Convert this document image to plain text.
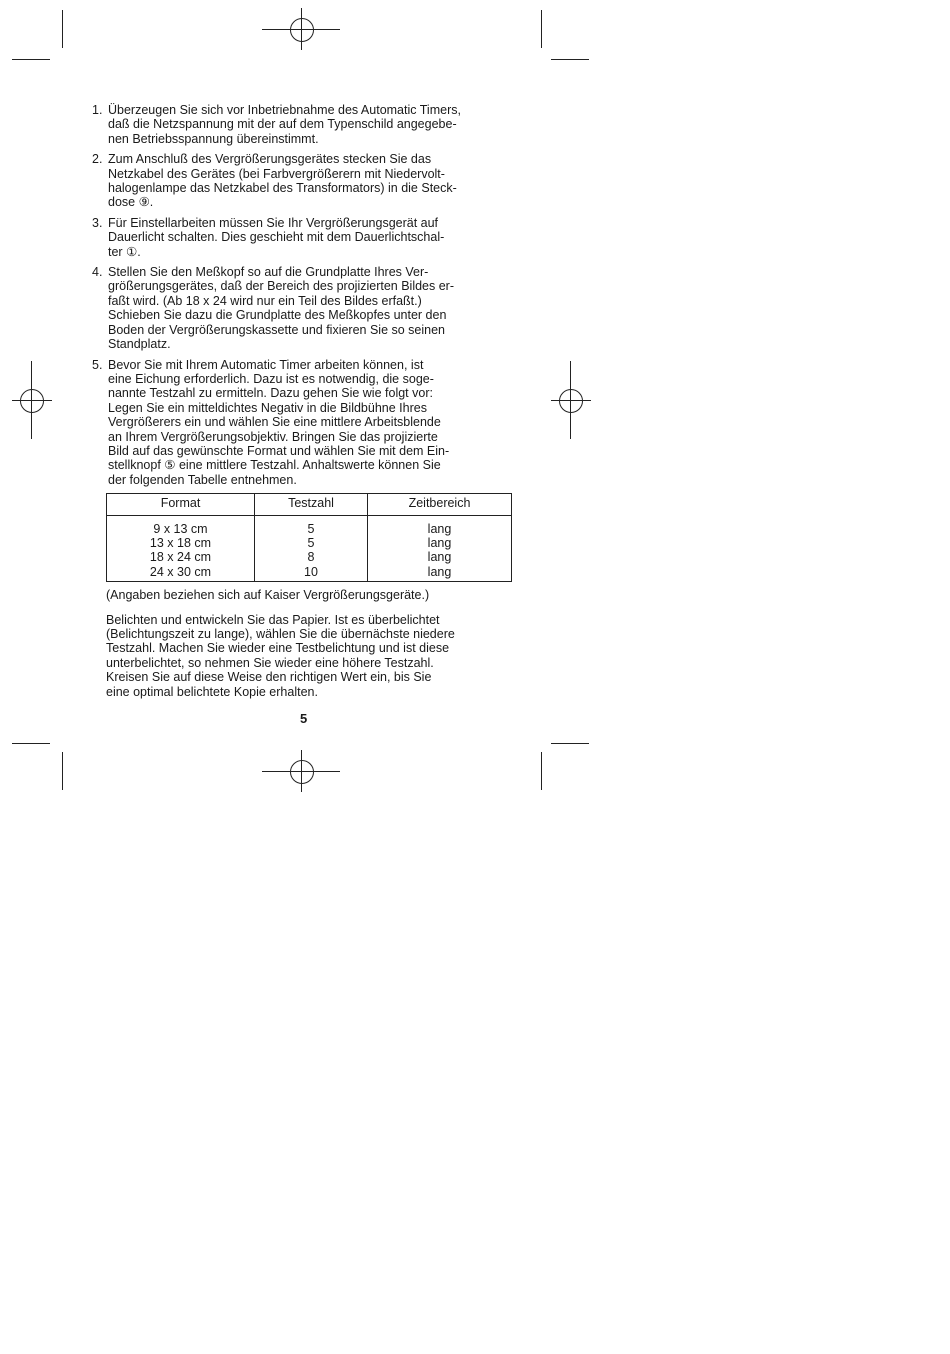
1. Überzeugen Sie sich vor Inbetriebnahme des Automatic Timers,
daß die Netzspannung mit der auf dem Typenschild angegebe-
nen Betriebsspannung übereinstimmt.
2. Zum Anschluß des Vergrößerungsgerätes stecken Sie das
Netzkabel des Gerätes (bei Farbvergrößerern mit Niedervolt-
halogenlampe das Netzkabel des Transformators) in die Steck-
dose ⑨.
3. Für Einstellarbeiten müssen Sie Ihr Vergrößerungsgerät auf
Dauerlicht schalten. Dies geschieht mit dem Dauerlichtschal-
ter ①.
4. Stellen Sie den Meßkopf so auf die Grundplatte Ihres Ver-
größerungsgerätes, daß der Bereich des projizierten Bildes er-
faßt wird. (Ab 18 x 24 wird nur ein Teil des Bildes erfaßt.)
Schieben Sie dazu die Grundplatte des Meßkopfes unter den
Boden der Vergrößerungskassette und fixieren Sie so seinen
Standplatz.
5. Bevor Sie mit Ihrem Automatic Timer arbeiten können, ist
eine Eichung erforderlich. Dazu ist es notwendig, die soge-
nannte Testzahl zu ermitteln. Dazu gehen Sie wie folgt vor:
Legen Sie ein mitteldichtes Negativ in die Bildbühne Ihres
Vergrößerers ein und wählen Sie eine mittlere Arbeitsblende
an Ihrem Vergrößerungsobjektiv. Bringen Sie das projizierte
Bild auf das gewünschte Format und wählen Sie mit dem Ein-
stellknopf ⑤ eine mittlere Testzahl. Anhaltswerte können Sie
der folgenden Tabelle entnehmen.
Format	Testzahl	Zeitbereich
9 x 13 cm	5	lang
13 x 18 cm	5	lang
18 x 24 cm	8	lang
24 x 30 cm	10	lang
(Angaben beziehen sich auf Kaiser Vergrößerungsgeräte.)
Belichten und entwickeln Sie das Papier. Ist es überbelichtet
(Belichtungszeit zu lange), wählen Sie die übernächste niedere
Testzahl. Machen Sie wieder eine Testbelichtung und ist diese
unterbelichtet, so nehmen Sie wieder eine höhere Testzahl.
Kreisen Sie auf diese Weise den richtigen Wert ein, bis Sie
eine optimal belichtete Kopie erhalten.
5
